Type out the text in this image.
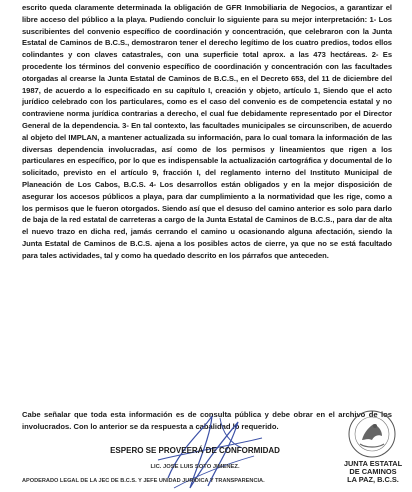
escrito queda claramente determinada la obligación de GFR Inmobiliaria de Negocios, a garantizar el libre acceso del público a la playa. Pudiendo concluir lo siguiente para su mejor interpretación: 1- Los suscribientes del convenio específico de coordinación y concentración, que celebraron con la Junta Estatal de Caminos de B.C.S., demostraron tener el derecho legítimo de los cuatro predios, todos ellos colindantes y con claves catastrales, con una superficie total aprox. a las 473 hectáreas. 2- Es procedente los términos del convenio específico de coordinación y concentración con las facultades otorgadas al crearse la Junta Estatal de Caminos de B.C.S., en el Decreto 653, del 11 de diciembre del 1987, de acuerdo a lo especificado en su capítulo I, creación y objeto, artículo 1, Siendo que el acto jurídico celebrado con los particulares, como es el caso del convenio es de competencia estatal y no contraviene norma jurídica contrarias a derecho, el cual fue debidamente representado por el Director General de la dependencia. 3- En tal contexto, las facultades municipales se circunscriben, de acuerdo al objeto del IMPLAN, a mantener actualizada su información, para lo cual tomara la información de las diversas dependencia involucradas, así como de los permisos y lineamientos que rigen a los particulares en específico, por lo que es indispensable la actualización cartográfica y documental de lo solicitado, previsto en el artículo 9, fracción I, del reglamento interno del Instituto Municipal de Planeación de Los Cabos, B.C.S. 4- Los desarrollos están obligados y en la mejor disposición de asegurar los accesos públicos a playa, para dar cumplimiento a la normatividad que les rige, como a los permisos que le fueron otorgados. Siendo así que el desuso del camino anterior es solo para darlo de baja de la red estatal de carreteras a cargo de la Junta Estatal de Caminos de B.C.S., para dar de alta el nuevo trazo en dicha red, jamás cerrando el camino u ocasionando alguna afectación, siendo la Junta Estatal de Caminos de B.C.S. ajena a los posibles actos de cierre, ya que no se está facultado para tales actividades, tal y como ha quedado descrito en los párrafos que anteceden.

Cabe señalar que toda esta información es de consulta pública y debe obrar en el archivo de los involucrados. Con lo anterior se da respuesta a cabalidad lo requerido.

ESPERO SE PROVEERÁ DE CONFORMIDAD
LIC. JOSE LUIS SOTO JIMENEZ.
APODERADO LEGAL DE LA JEC DE B.C.S. Y JEFE UNIDAD JURIDICA Y TRANSPARENCIA.
JUNTA ESTATAL
DE CAMINOS
LA PAZ, B.C.S.
